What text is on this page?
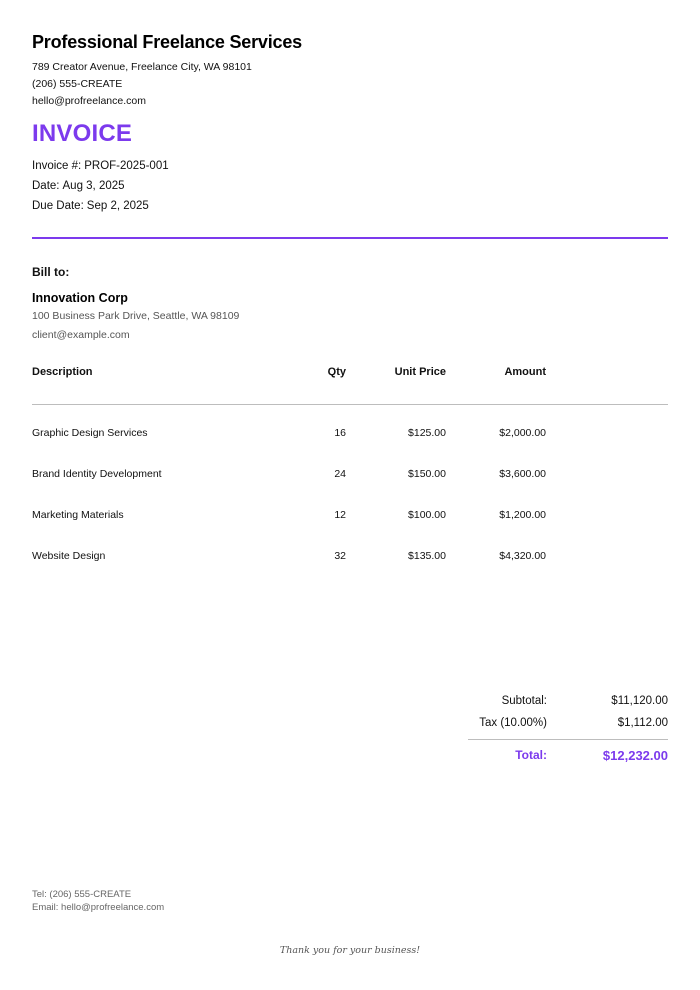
Professional Freelance Services
789 Creator Avenue, Freelance City, WA 98101
(206) 555-CREATE
hello@profreelance.com
INVOICE
Invoice #: PROF-2025-001
Date: Aug 3, 2025
Due Date: Sep 2, 2025
Bill to:
Innovation Corp
100 Business Park Drive, Seattle, WA 98109
client@example.com
Description	Qty	Unit Price	Amount
Graphic Design Services	16	$125.00	$2,000.00
Brand Identity Development	24	$150.00	$3,600.00
Marketing Materials	12	$100.00	$1,200.00
Website Design	32	$135.00	$4,320.00
Subtotal:	$11,120.00
Tax (10.00%)	$1,112.00
Total:	$12,232.00
Tel: (206) 555-CREATE
Email: hello@profreelance.com
Thank you for your business!
